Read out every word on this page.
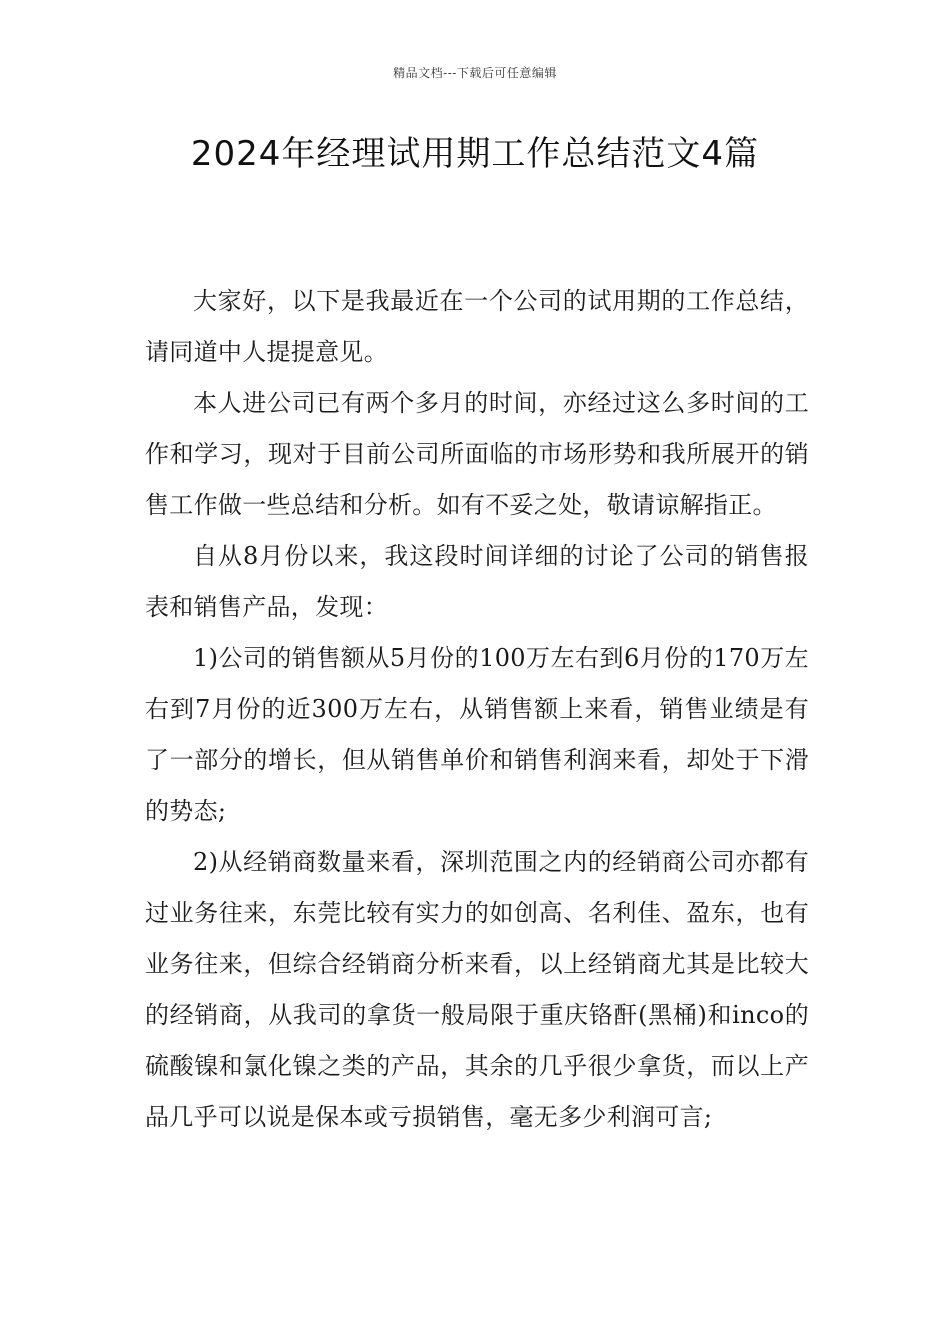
精品文档---下载后可任意编辑
2024年经理试用期工作总结范文4篇

大家好，以下是我最近在一个公司的试用期的工作总结，请同道中人提提意见。

本人进公司已有两个多月的时间，亦经过这么多时间的工作和学习，现对于目前公司所面临的市场形势和我所展开的销售工作做一些总结和分析。如有不妥之处，敬请谅解指正。

自从8月份以来，我这段时间详细的讨论了公司的销售报表和销售产品，发现：

1)公司的销售额从5月份的100万左右到6月份的170万左右到7月份的近300万左右，从销售额上来看，销售业绩是有了一部分的增长，但从销售单价和销售利润来看，却处于下滑的势态;

2)从经销商数量来看，深圳范围之内的经销商公司亦都有过业务往来，东莞比较有实力的如创高、名利佳、盈东，也有业务往来，但综合经销商分析来看，以上经销商尤其是比较大的经销商，从我司的拿货一般局限于重庆铬酐(黑桶)和inco的硫酸镍和氯化镍之类的产品，其余的几乎很少拿货，而以上产品几乎可以说是保本或亏损销售，毫无多少利润可言;
